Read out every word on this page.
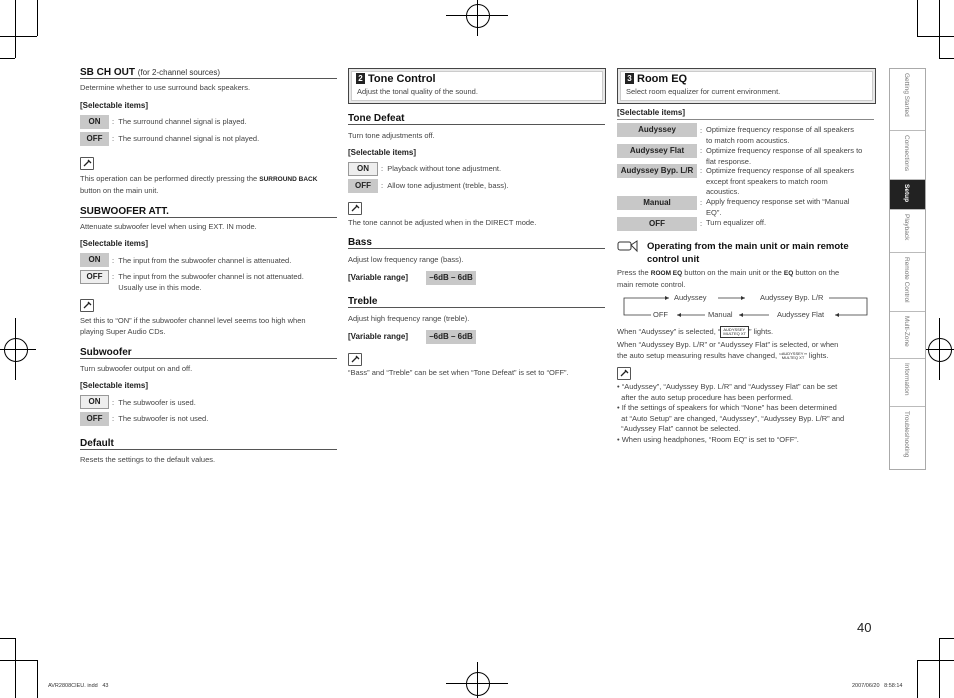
SB CH OUT (for 2-channel sources)
Determine whether to use surround back speakers.
[Selectable items]
ON	:  The surround channel signal is played.
OFF	:  The surround channel signal is not played.
This operation can be performed directly pressing the SURROUND BACK
button on the main unit.
SUBWOOFER ATT.
Attenuate subwoofer level when using EXT. IN mode.
[Selectable items]
ON	:  The input from the subwoofer channel is attenuated.
OFF	:  The input from the subwoofer channel is not attenuated.
Usually use in this mode.
Set this to “ON” if the subwoofer channel level seems too high when
playing Super Audio CDs.
Subwoofer
Turn subwoofer output on and off.
[Selectable items]
ON	:  The subwoofer is used.
OFF	:  The subwoofer is not used.
Default
Resets the settings to the default values.
2 Tone Control
Adjust the tonal quality of the sound.
Tone Defeat
Turn tone adjustments off.
[Selectable items]
ON	:  Playback without tone adjustment.
OFF	:  Allow tone adjustment (treble, bass).
The tone cannot be adjusted when in the DIRECT mode.
Bass
Adjust low frequency range (bass).
[Variable range]	–6dB – 6dB
Treble
Adjust high frequency range (treble).
[Variable range]	–6dB – 6dB
“Bass” and “Treble” can be set when “Tone Defeat” is set to “OFF”.
3 Room EQ
Select room equalizer for current environment.
[Selectable items]
Audyssey	: Optimize frequency response of all speakers
to match room acoustics.
Audyssey Flat	: Optimize frequency response of all speakers to
flat response.
Audyssey Byp. L/R : Optimize frequency response of all speakers
except front speakers to match room
acoustics.
Manual	: Apply frequency response set with “Manual
EQ”.
OFF	: Turn equalizer off.
Operating from the main unit or main remote
control unit
Press the ROOM EQ button on the main unit or the EQ button on the
main remote control.
Audyssey	Audyssey Byp. L/R
OFF	Manual	Audyssey Flat
When “Audyssey” is selected, “ AUDYSSEY
MULTEQ XT ” lights.
When “Audyssey Byp. L/R” or “Audyssey Flat” is selected, or when
the auto setup measuring results have changed, “AUDYSSEY
MULTEQ XT” lights.
• “Audyssey”, “Audyssey Byp. L/R” and “Audyssey Flat” can be set
after the auto setup procedure has been performed.
• If the settings of speakers for which “None” has been determined
at “Auto Setup” are changed, “Audyssey”, “Audyssey Byp. L/R” and
“Audyssey Flat” cannot be selected.
• When using headphones, “Room EQ” is set to “OFF”.
Getting Started
Connections
Setup
Playback
Remote Control
Multi-Zone
Information
Troubleshooting
40
AVR2808CIEU. indd   43	2007/06/20   8:58:14
